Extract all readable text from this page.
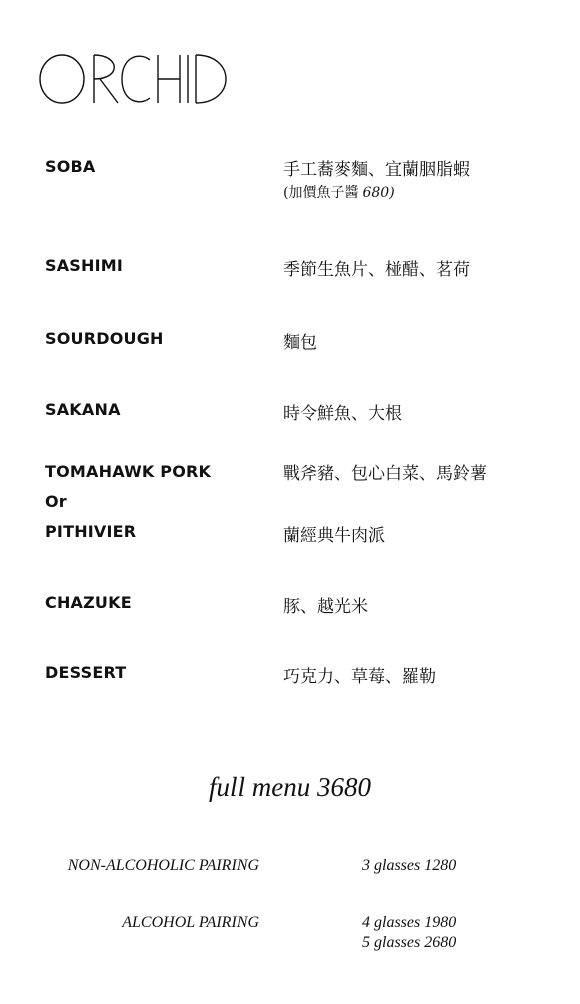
SOBA
SASHIMI
SOURDOUGH
SAKANA
TOMAHAWK PORK
Or
PITHIVIER
CHAZUKE
DESSERT
手工蕎麥麵、宜蘭胭脂蝦
(加價魚子醬 680)
季節生魚片、椪醋、茗荷
麵包
時令鮮魚、大根
戰斧豬、包心白菜、馬鈴薯
蘭經典牛肉派
豚、越光米
巧克力、草莓、羅勒
full menu 3680
NON-ALCOHOLIC PAIRING	3 glasses 1280
ALCOHOL PAIRING	4 glasses 1980
5 glasses 2680
